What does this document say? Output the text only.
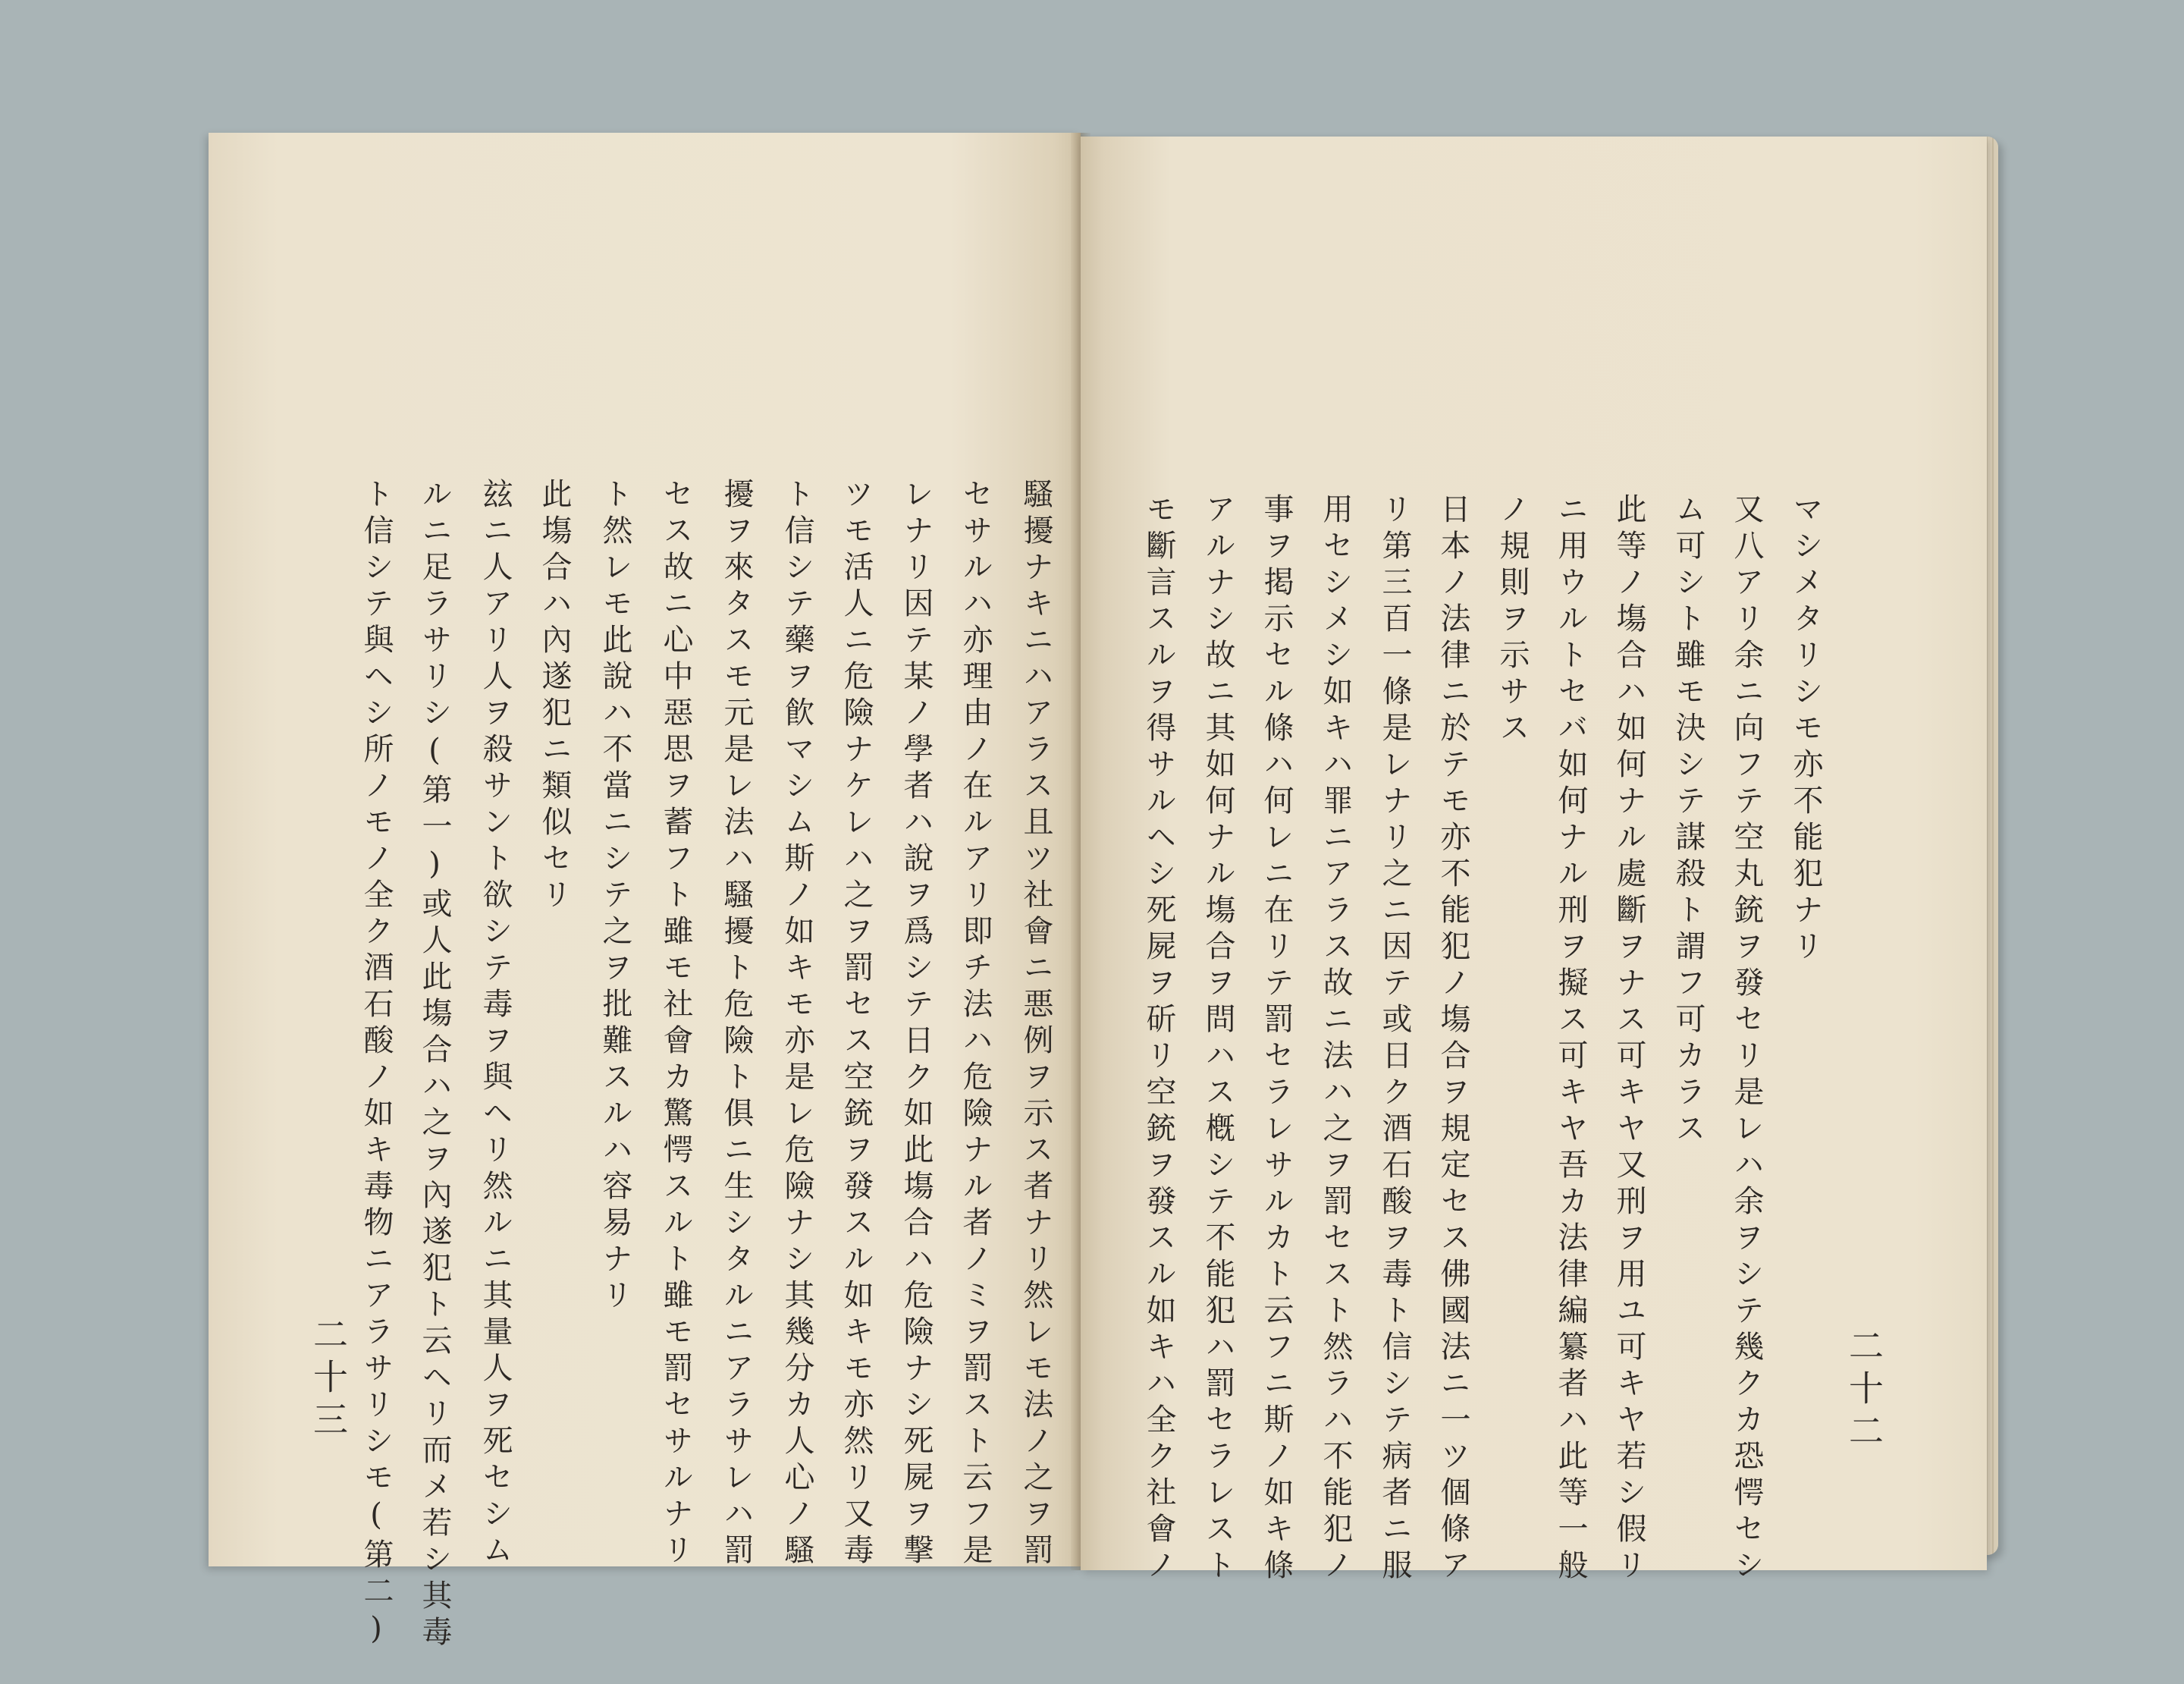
騷擾ナキニハアラス且ツ社會ニ悪例ヲ示ス者ナリ然レモ法ノ之ヲ罰
セサルハ亦理由ノ在ルアリ即チ法ハ危險ナル者ノミヲ罰スト云フ是
レナリ因テ某ノ學者ハ說ヲ爲シテ日ク如此塲合ハ危險ナシ死屍ヲ撃
ツモ活人ニ危險ナケレハ之ヲ罰セス空銃ヲ發スル如キモ亦然リ又毒
ト信シテ藥ヲ飮マシム斯ノ如キモ亦是レ危險ナシ其幾分カ人心ノ騷
擾ヲ來タスモ元是レ法ハ騷擾ト危險ト俱ニ生シタルニアラサレハ罰
セス故ニ心中惡思ヲ蓄フト雖モ社會カ驚愕スルト雖モ罰セサルナリ
ト然レモ此說ハ不當ニシテ之ヲ批難スルハ容易ナリ
此塲合ハ內遂犯ニ類似セリ
玆ニ人アリ人ヲ殺サント欲シテ毒ヲ與ヘリ然ルニ其量人ヲ死セシム
ルニ足ラサリシ(第一)或人此塲合ハ之ヲ內遂犯ト云ヘリ而メ若シ其毒
ト信シテ與ヘシ所ノモノ全ク酒石酸ノ如キ毒物ニアラサリシモ(第二)
二十三
マシメタリシモ亦不能犯ナリ
又八アリ余ニ向フテ空丸銃ヲ發セリ是レハ余ヲシテ幾クカ恐愕セシ
ム可シト雖モ決シテ謀殺ト謂フ可カラス
此等ノ塲合ハ如何ナル處斷ヲナス可キヤ又刑ヲ用ユ可キヤ若シ假リ
ニ用ウルトセバ如何ナル刑ヲ擬ス可キヤ吾カ法律編纂者ハ此等一般
ノ規則ヲ示サス
日本ノ法律ニ於テモ亦不能犯ノ塲合ヲ規定セス佛國法ニ一ツ個條ア
リ第三百一條是レナリ之ニ因テ或日ク酒石酸ヲ毒ト信シテ病者ニ服
用セシメシ如キハ罪ニアラス故ニ法ハ之ヲ罰セスト然ラハ不能犯ノ
事ヲ掲示セル條ハ何レニ在リテ罰セラレサルカト云フニ斯ノ如キ條
アルナシ故ニ其如何ナル塲合ヲ問ハス槪シテ不能犯ハ罰セラレスト
モ斷言スルヲ得サルヘシ死屍ヲ斫リ空銃ヲ發スル如キハ全ク社會ノ	二十二
